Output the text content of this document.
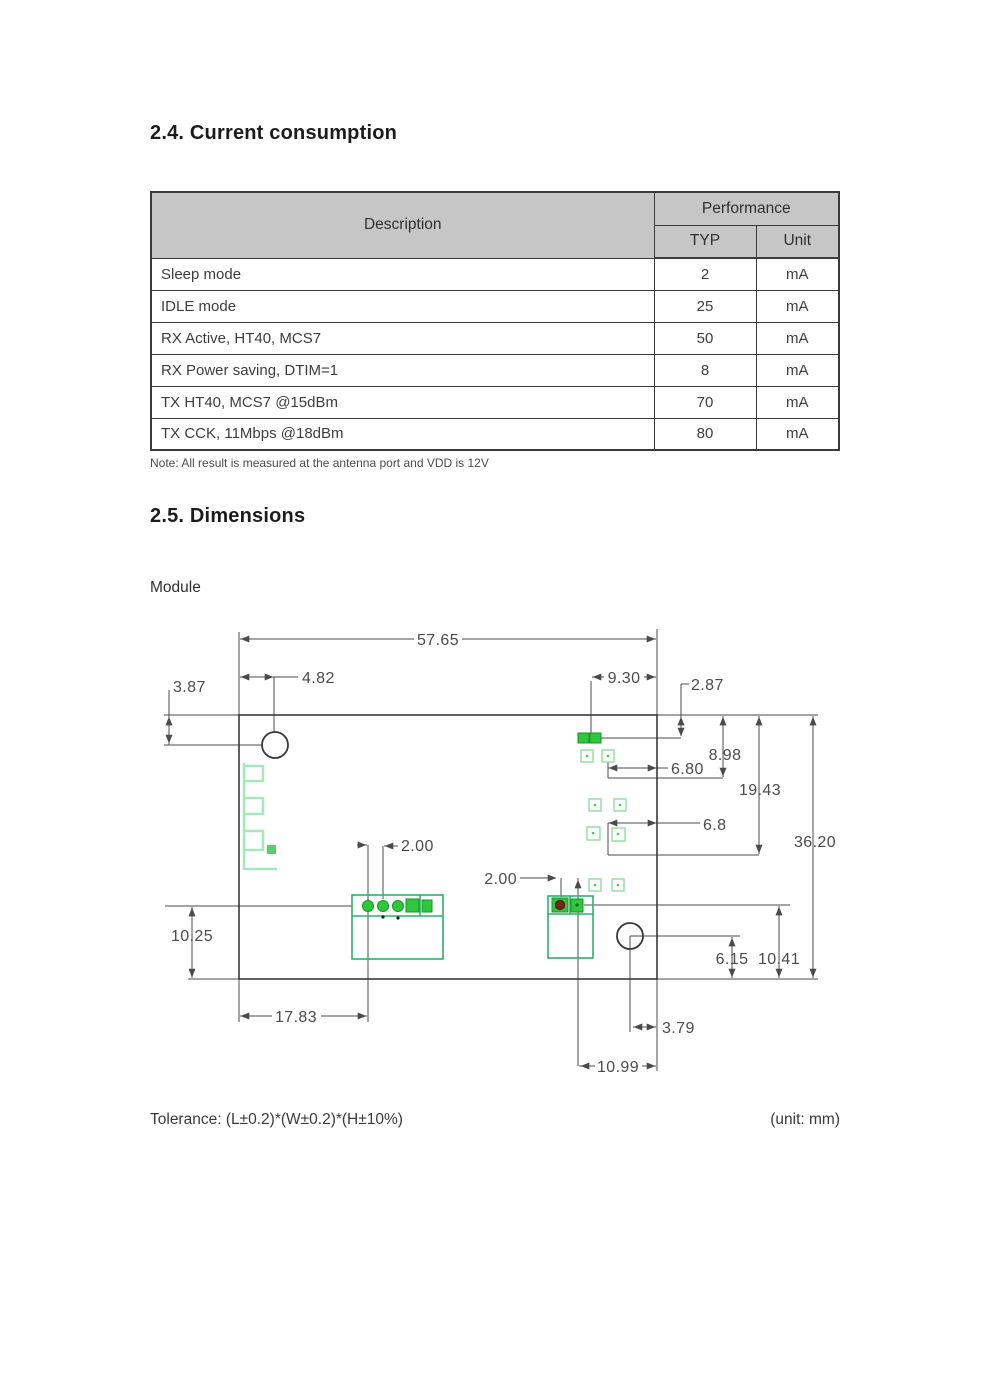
2.4. Current consumption
Description	Performance	
	TYP	Unit
Sleep mode	2	mA
IDLE mode	25	mA
RX Active, HT40, MCS7	50	mA
RX Power saving, DTIM=1	8	mA
TX HT40, MCS7 @15dBm	70	mA
TX CCK, 11Mbps @18dBm	80	mA
Note: All result is measured at the antenna port and VDD is 12V
2.5. Dimensions
Module
57.65
4.82
3.87
9.30	2.87
8.98
6.80
19.43
6.8
36.20
2.00
2.00
10.25
17.83
6.15 10.41
3.79
10.99
Tolerance: (L±0.2)*(W±0.2)*(H±10%)	(unit: mm)
